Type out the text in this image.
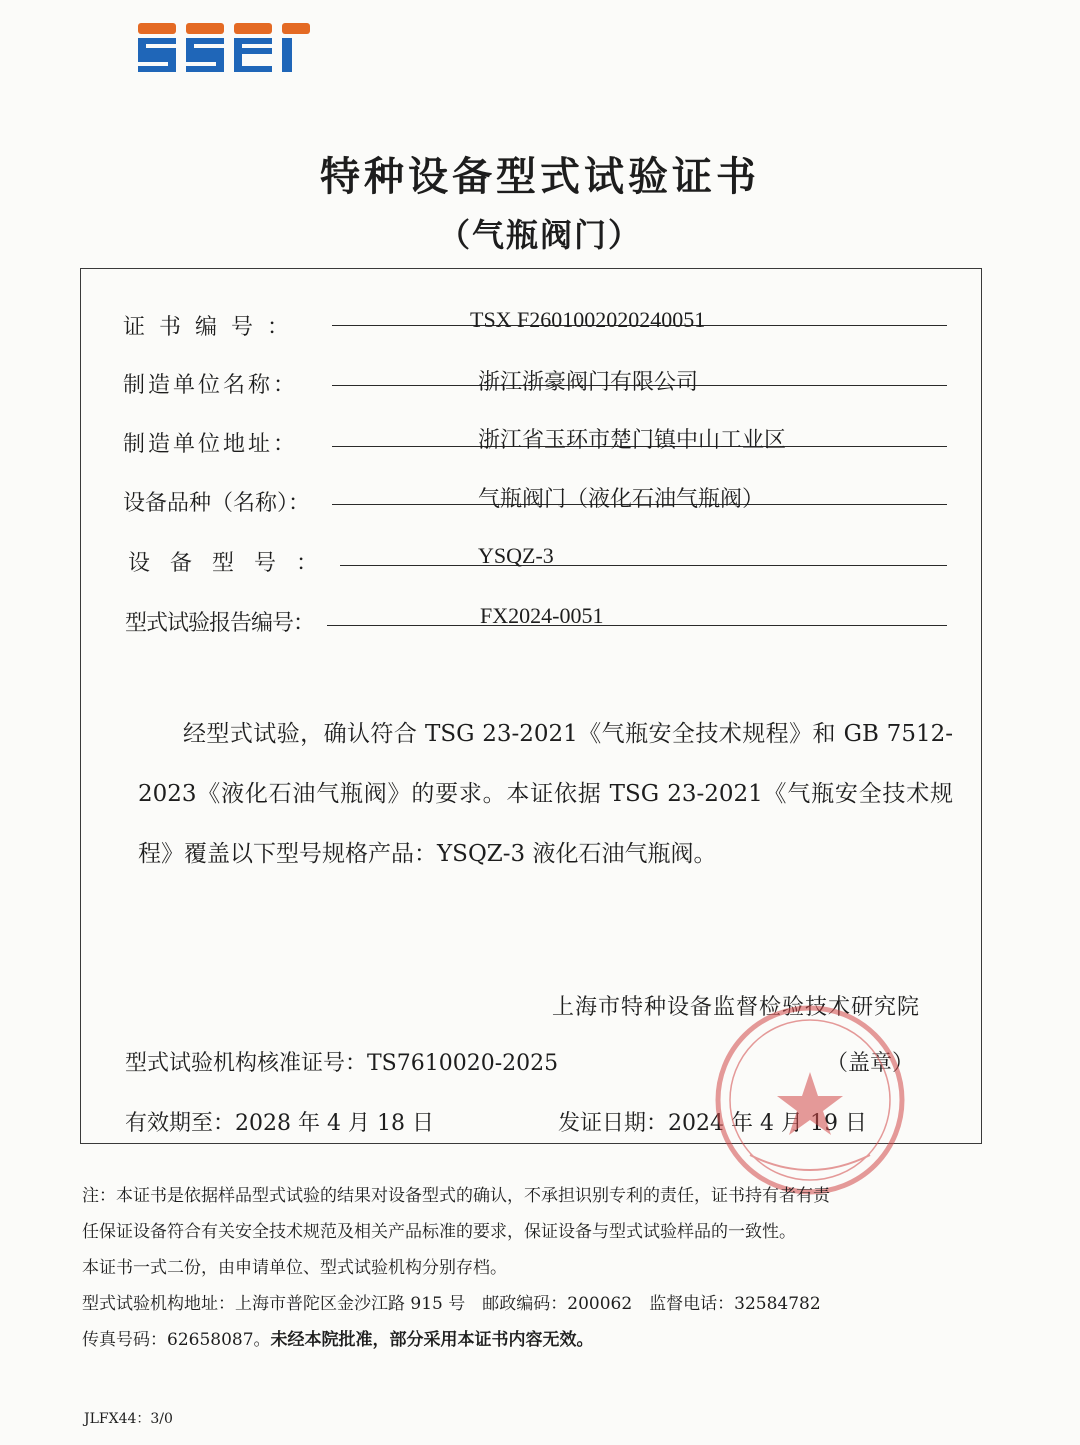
特种设备型式试验证书
（气瓶阀门）
证书编号：	TSX F2601002020240051
制造单位名称：	浙江浙豪阀门有限公司
制造单位地址：	浙江省玉环市楚门镇中山工业区
设备品种（名称）：	气瓶阀门（液化石油气瓶阀）
设备型号：	YSQZ-3
型式试验报告编号：	FX2024-0051

经型式试验，确认符合 TSG 23-2021《气瓶安全技术规程》和 GB 7512-2023《液化石油气瓶阀》的要求。本证依据 TSG 23-2021《气瓶安全技术规程》覆盖以下型号规格产品：YSQZ-3 液化石油气瓶阀。

上海市特种设备监督检验技术研究院
型式试验机构核准证号：TS7610020-2025	（盖章）
有效期至：2028 年 4 月 18 日	发证日期：2024 年 4 月 19 日
注：本证书是依据样品型式试验的结果对设备型式的确认，不承担识别专利的责任，证书持有者有责
任保证设备符合有关安全技术规范及相关产品标准的要求，保证设备与型式试验样品的一致性。
本证书一式二份，由申请单位、型式试验机构分别存档。
型式试验机构地址：上海市普陀区金沙江路 915 号　邮政编码：200062　监督电话：32584782
传真号码：62658087。未经本院批准，部分采用本证书内容无效。
JLFX44：3/0
